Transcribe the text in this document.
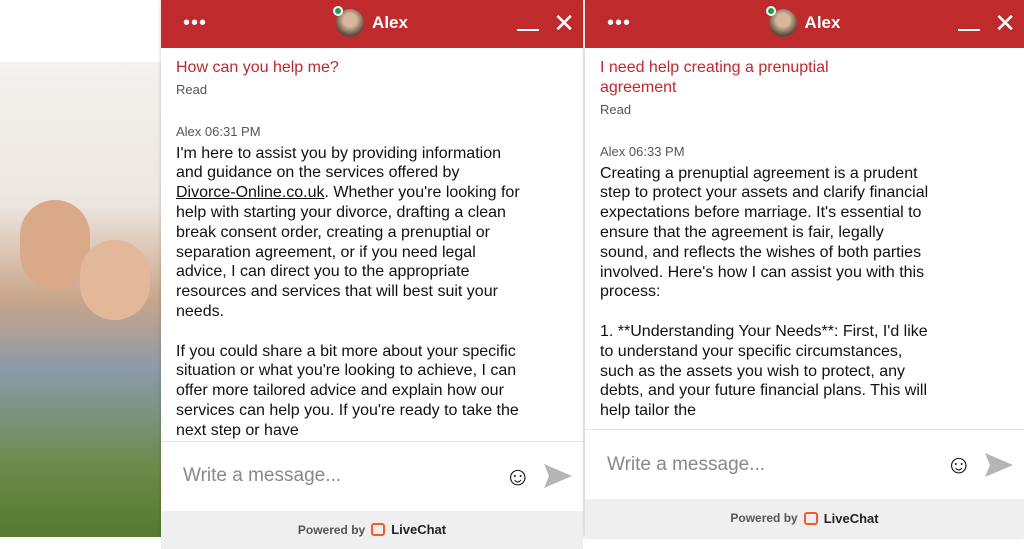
•••	Alex	✕
How can you help me?
Read
Alex 06:31 PM
I'm here to assist you by providing information and guidance on the services offered by Divorce-Online.co.uk. Whether you're looking for help with starting your divorce, drafting a clean break consent order, creating a prenuptial or separation agreement, or if you need legal advice, I can direct you to the appropriate resources and services that will best suit your needs.

If you could share a bit more about your specific situation or what you're looking to achieve, I can offer more tailored advice and explain how our services can help you. If you're ready to take the next step or have
Write a message...
☺
Powered by LiveChat
•••	Alex	✕
I need help creating a prenuptial agreement
Read
Alex 06:33 PM
Creating a prenuptial agreement is a prudent step to protect your assets and clarify financial expectations before marriage. It's essential to ensure that the agreement is fair, legally sound, and reflects the wishes of both parties involved. Here's how I can assist you with this process:

1. **Understanding Your Needs**: First, I'd like to understand your specific circumstances, such as the assets you wish to protect, any debts, and your future financial plans. This will help tailor the
Write a message...
☺
Powered by LiveChat
